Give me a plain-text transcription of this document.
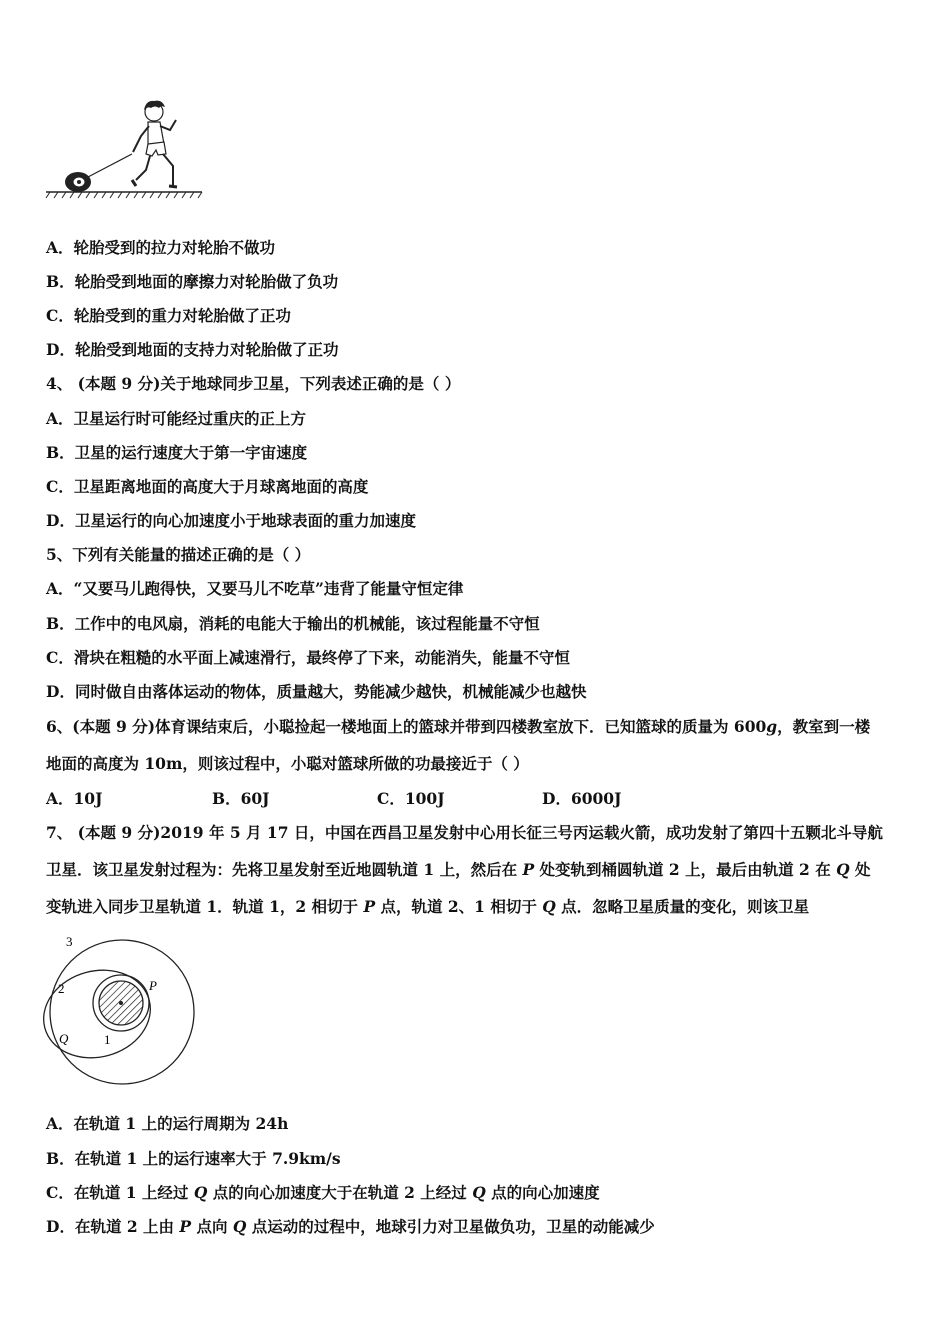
A．轮胎受到的拉力对轮胎不做功
B．轮胎受到地面的摩擦力对轮胎做了负功
C．轮胎受到的重力对轮胎做了正功
D．轮胎受到地面的支持力对轮胎做了正功
4、 (本题 9 分)关于地球同步卫星，下列表述正确的是（ ）
A．卫星运行时可能经过重庆的正上方
B．卫星的运行速度大于第一宇宙速度
C．卫星距离地面的高度大于月球离地面的高度
D．卫星运行的向心加速度小于地球表面的重力加速度
5、下列有关能量的描述正确的是（ ）
A．“又要马儿跑得快，又要马儿不吃草”违背了能量守恒定律
B．工作中的电风扇，消耗的电能大于输出的机械能，该过程能量不守恒
C．滑块在粗糙的水平面上减速滑行，最终停了下来，动能消失，能量不守恒
D．同时做自由落体运动的物体，质量越大，势能减少越快，机械能减少也越快
6、(本题 9 分)体育课结束后，小聪捡起一楼地面上的篮球并带到四楼教室放下．已知篮球的质量为 600g，教室到一楼
地面的高度为 10m，则该过程中，小聪对篮球所做的功最接近于（ ）
A．10J	B．60J	C．100J	D．6000J
7、 (本题 9 分)2019 年 5 月 17 日，中国在西昌卫星发射中心用长征三号丙运载火箭，成功发射了第四十五颗北斗导航
卫星．该卫星发射过程为：先将卫星发射至近地圆轨道 1 上，然后在 P 处变轨到桶圆轨道 2 上，最后由轨道 2 在 Q 处
变轨进入同步卫星轨道 1．轨道 1，2 相切于 P 点，轨道 2、1 相切于 Q 点．忽略卫星质量的变化，则该卫星
3
2
1
P
Q
A．在轨道 1 上的运行周期为 24h
B．在轨道 1 上的运行速率大于 7.9km/s
C．在轨道 1 上经过 Q 点的向心加速度大于在轨道 2 上经过 Q 点的向心加速度
D．在轨道 2 上由 P 点向 Q 点运动的过程中，地球引力对卫星做负功，卫星的动能减少
